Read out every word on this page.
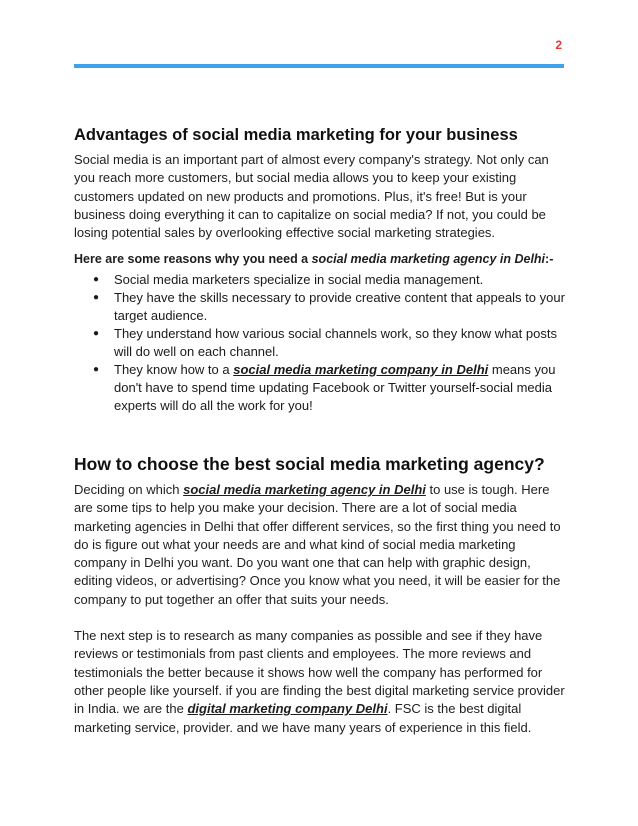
2
Advantages of social media marketing for your business

Social media is an important part of almost every company's strategy. Not only can you reach more customers, but social media allows you to keep your existing customers updated on new products and promotions. Plus, it's free! But is your business doing everything it can to capitalize on social media? If not, you could be losing potential sales by overlooking effective social marketing strategies.

Here are some reasons why you need a social media marketing agency in Delhi:-

● Social media marketers specialize in social media management.
● They have the skills necessary to provide creative content that appeals to your target audience.
● They understand how various social channels work, so they know what posts will do well on each channel.
● They know how to a social media marketing company in Delhi means you don't have to spend time updating Facebook or Twitter yourself-social media experts will do all the work for you!
How to choose the best social media marketing agency?

Deciding on which social media marketing agency in Delhi to use is tough. Here are some tips to help you make your decision. There are a lot of social media marketing agencies in Delhi that offer different services, so the first thing you need to do is figure out what your needs are and what kind of social media marketing company in Delhi you want. Do you want one that can help with graphic design, editing videos, or advertising? Once you know what you need, it will be easier for the company to put together an offer that suits your needs.

The next step is to research as many companies as possible and see if they have reviews or testimonials from past clients and employees. The more reviews and testimonials the better because it shows how well the company has performed for other people like yourself. if you are finding the best digital marketing service provider in India. we are the digital marketing company Delhi. FSC is the best digital marketing service, provider. and we have many years of experience in this field.
